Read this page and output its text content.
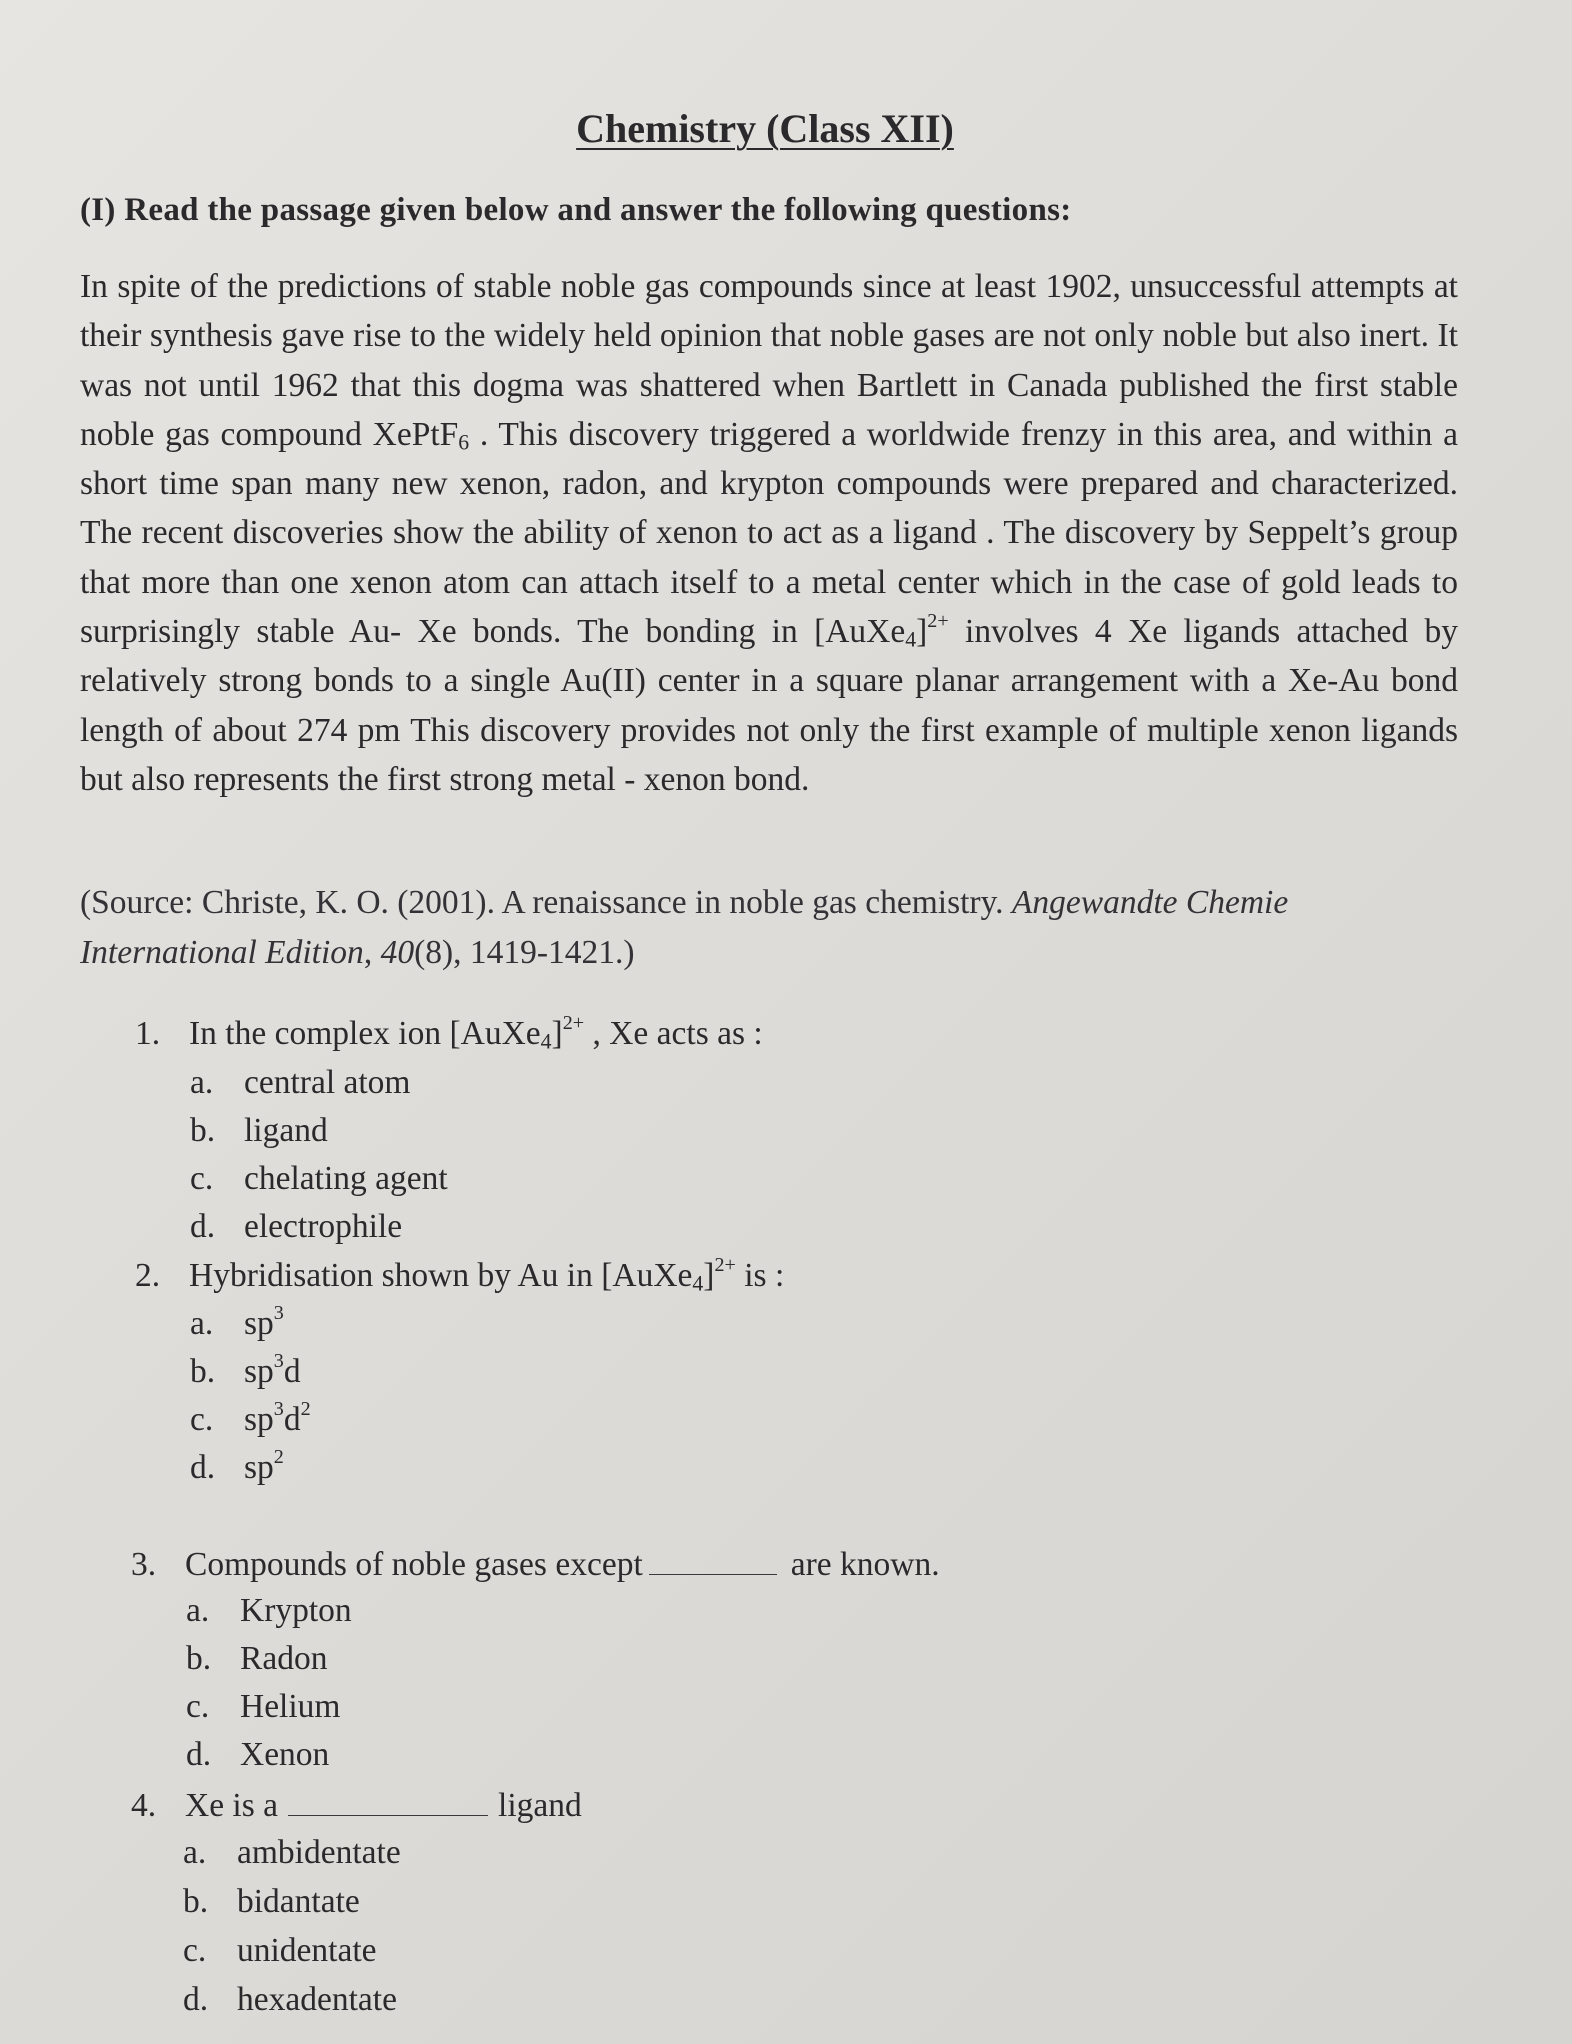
Chemistry (Class XII)
(I) Read the passage given below and answer the following questions:

In spite of the predictions of stable noble gas compounds since at least 1902, unsuccessful attempts at their synthesis gave rise to the widely held opinion that noble gases are not only noble but also inert. It was not until 1962 that this dogma was shattered when Bartlett in Canada published the first stable noble gas compound XePtF$_6$ . This discovery triggered a worldwide frenzy in this area, and within a short time span many new xenon, radon, and krypton compounds were prepared and characterized. The recent discoveries show the ability of xenon to act as a ligand . The discovery by Seppelt’s group that more than one xenon atom can attach itself to a metal center which in the case of gold leads to surprisingly stable Au- Xe bonds. The bonding in [AuXe$_4$]$^{2+}$ involves 4 Xe ligands attached by relatively strong bonds to a single Au(II) center in a square planar arrangement with a Xe-Au bond length of about 274 pm This discovery provides not only the first example of multiple xenon ligands but also represents the first strong metal - xenon bond.

(Source: Christe, K. O. (2001). A renaissance in noble gas chemistry. Angewandte Chemie International Edition, 40(8), 1419-1421.)

1. In the complex ion [AuXe$_4$]$^{2+}$ , Xe acts as :
a. central atom
b. ligand
c. chelating agent
d. electrophile
2. Hybridisation shown by Au in [AuXe$_4$]$^{2+}$ is :
a. $sp^3$
b. $sp^3d$
c. $sp^3d^2$
d. $sp^2$
3. Compounds of noble gases except	are known.
a. Krypton
b. Radon
c. Helium
d. Xenon
4. Xe is a	ligand
a. ambidentate
b. bidantate
c. unidentate
d. hexadentate
